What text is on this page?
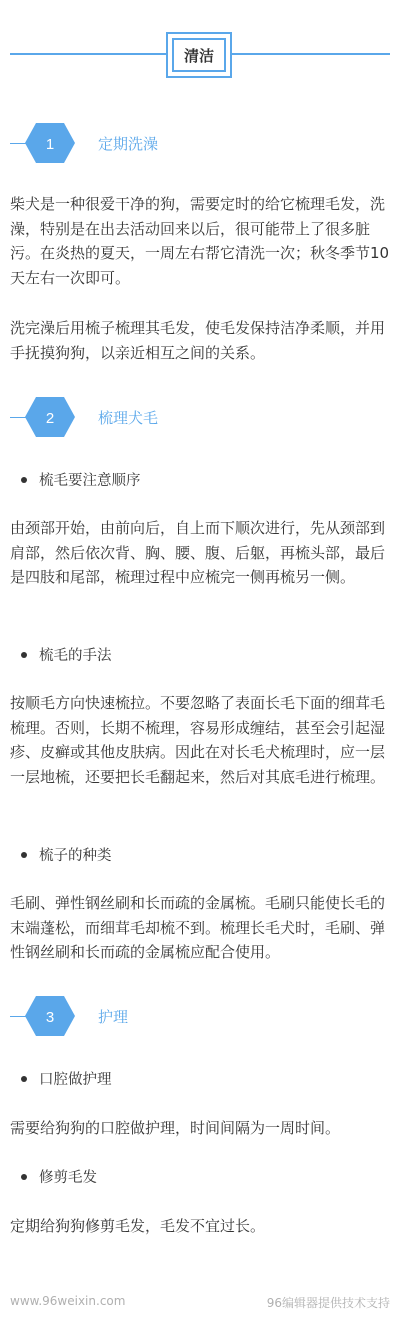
清洁
1	定期洗澡

柴犬是一种很爱干净的狗，需要定时的给它梳理毛发，洗澡，特别是在出去活动回来以后，很可能带上了很多脏污。在炎热的夏天，一周左右帮它清洗一次；秋冬季节10天左右一次即可。

洗完澡后用梳子梳理其毛发，使毛发保持洁净柔顺，并用手抚摸狗狗，以亲近相互之间的关系。

2	梳理犬毛
梳毛要注意顺序

由颈部开始，由前向后，自上而下顺次进行，先从颈部到肩部，然后依次背、胸、腰、腹、后躯，再梳头部，最后是四肢和尾部，梳理过程中应梳完一侧再梳另一侧。

梳毛的手法

按顺毛方向快速梳拉。不要忽略了表面长毛下面的细茸毛梳理。否则，长期不梳理，容易形成缠结，甚至会引起湿疹、皮癣或其他皮肤病。因此在对长毛犬梳理时，应一层一层地梳，还要把长毛翻起来，然后对其底毛进行梳理。

梳子的种类

毛刷、弹性钢丝刷和长而疏的金属梳。毛刷只能使长毛的末端蓬松，而细茸毛却梳不到。梳理长毛犬时，毛刷、弹性钢丝刷和长而疏的金属梳应配合使用。

3	护理
口腔做护理

需要给狗狗的口腔做护理，时间间隔为一周时间。

修剪毛发

定期给狗狗修剪毛发，毛发不宜过长。

www.96weixin.com	96编辑器提供技术支持
